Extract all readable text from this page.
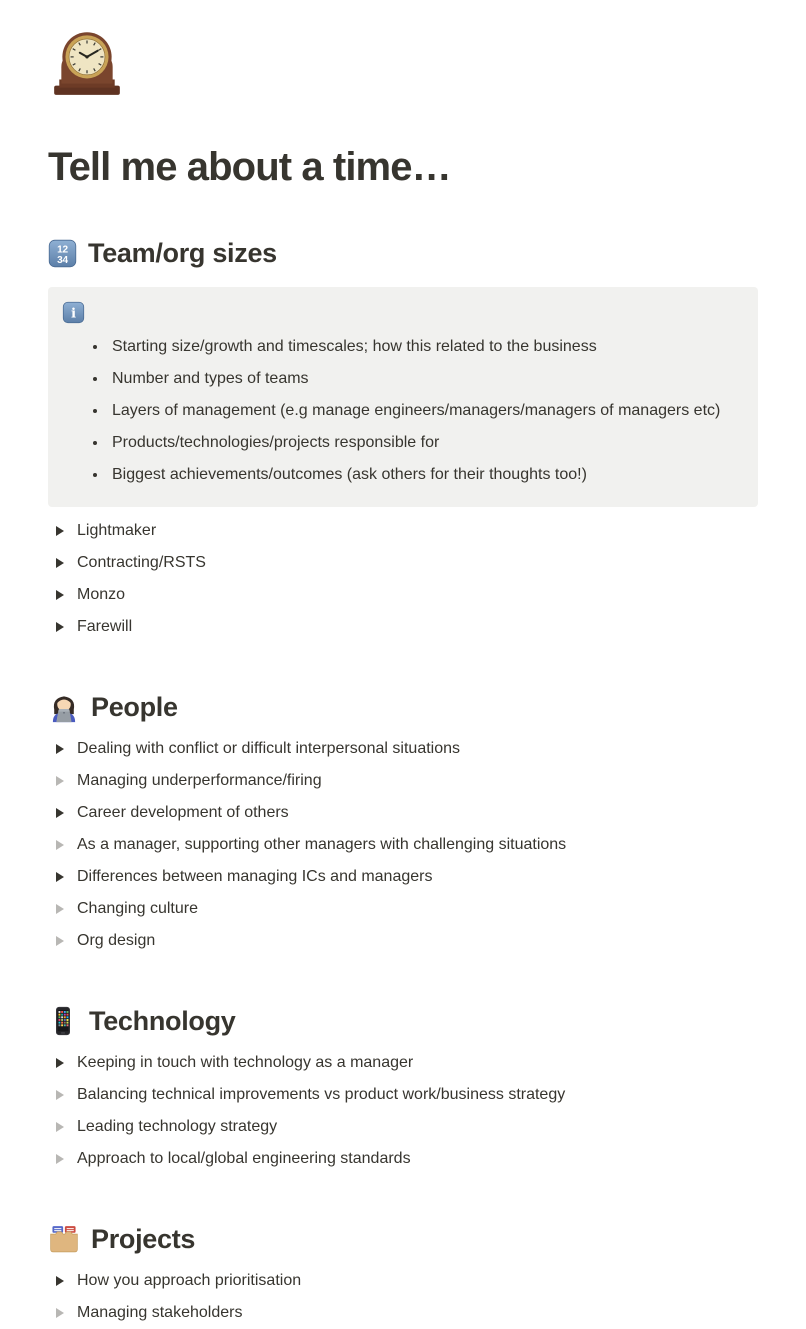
Tell me about a time…
12
34 Team/org sizes
i
• Starting size/growth and timescales; how this related to the business
• Number and types of teams
• Layers of management (e.g manage engineers/managers/managers of managers etc)
• Products/technologies/projects responsible for
• Biggest achievements/outcomes (ask others for their thoughts too!)
Lightmaker
Contracting/RSTS
Monzo
Farewill
People
Dealing with conflict or difficult interpersonal situations
Managing underperformance/firing
Career development of others
As a manager, supporting other managers with challenging situations
Differences between managing ICs and managers
Changing culture
Org design
Technology
Keeping in touch with technology as a manager
Balancing technical improvements vs product work/business strategy
Leading technology strategy
Approach to local/global engineering standards
Projects
How you approach prioritisation
Managing stakeholders
